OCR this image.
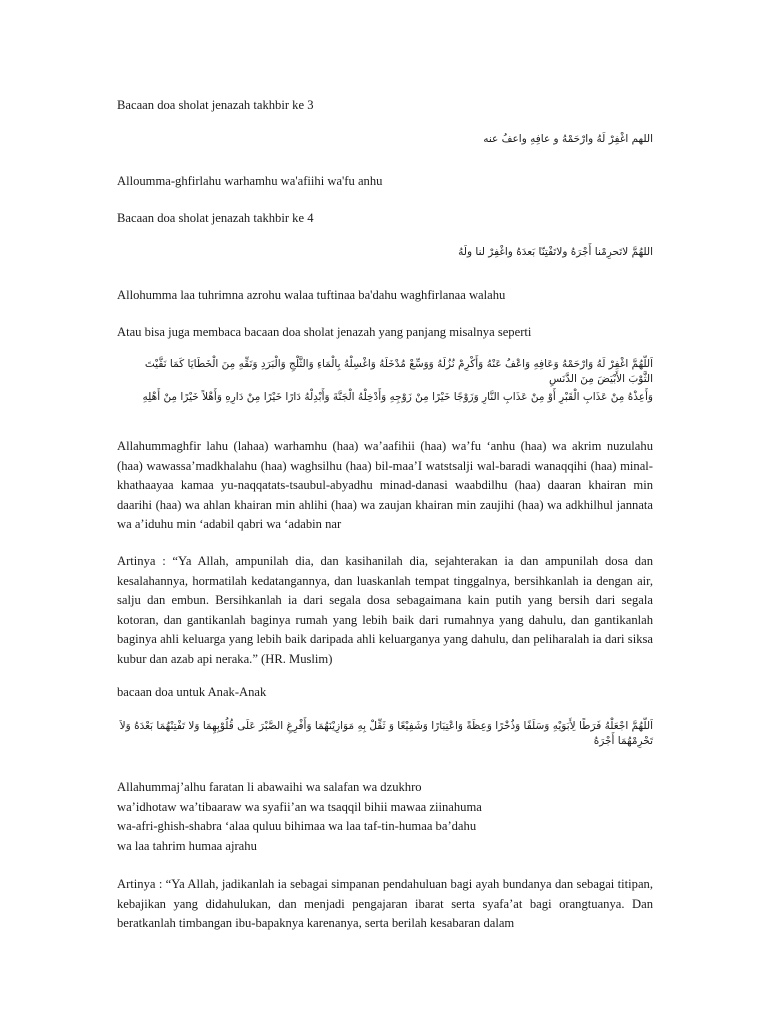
Bacaan doa sholat jenazah takhbir ke 3

اللهم اغْفِرْ لَهُ وارْحَمْهُ و عافِهِ واعفُ عنه

Alloumma-ghfirlahu warhamhu wa'afiihi wa'fu anhu

Bacaan doa sholat jenazah takhbir ke 4

اللهُمَّ لاتَحرِمْنا أَجْرَهُ ولاتَفْتِنّا بَعدَهُ واغْفِرْ لنا ولَهُ

Allohumma laa tuhrimna azrohu walaa tuftinaa ba'dahu waghfirlanaa walahu

Atau bisa juga membaca bacaan doa sholat jenazah yang panjang misalnya seperti

اَللّهُمَّ اغْفِرْ لَهُ وَارْحَمْهُ وَعَافِهِ وَاعْفُ عَنْهُ وَأَكْرِمْ نُزُلَهُ وَوَسِّعْ مُدْخَلَهُ وَاغْسِلْهُ بِالْمَاءِ وَالثَّلْجِ وَالْبَرَدِ وَنَقِّهِ مِنَ الْخَطَايَا كَمَا نَقَّيْتَ الثَّوْبَ الأَبْيَضَ مِنَ الدَّنَسِ
وَأَعِذْهُ مِنْ عَذَابِ الْقَبْرِ أَوْ مِنْ عَذَابِ النَّارِ وَزَوْجًا خَيْرًا مِنْ زَوْجِهِ وَأَدْخِلْهُ الْجَنَّةَ وَأَبْدِلْهُ دَارًا خَيْرًا مِنْ دَارِهِ وَأَهْلاً خَيْرًا مِنْ أَهْلِهِ

Allahummaghfir lahu (lahaa) warhamhu (haa) wa’aafihii (haa) wa’fu ‘anhu (haa) wa akrim nuzulahu (haa) wawassa’madkhalahu (haa) waghsilhu (haa) bil-maa’I watstsalji wal-baradi wanaqqihi (haa) minal-khathaayaa kamaa yu-naqqatats-tsaubul-abyadhu minad-danasi waabdilhu (haa) daaran khairan min daarihi (haa) wa ahlan khairan min ahlihi (haa) wa zaujan khairan min zaujihi (haa) wa adkhilhul jannata wa a’iduhu min ‘adabil qabri wa ‘adabin nar

Artinya : “Ya Allah, ampunilah dia, dan kasihanilah dia, sejahterakan ia dan ampunilah dosa dan kesalahannya, hormatilah kedatangannya, dan luaskanlah tempat tinggalnya, bersihkanlah ia dengan air, salju dan embun. Bersihkanlah ia dari segala dosa sebagaimana kain putih yang bersih dari segala kotoran, dan gantikanlah baginya rumah yang lebih baik dari rumahnya yang dahulu, dan gantikanlah baginya ahli keluarga yang lebih baik daripada ahli keluarganya yang dahulu, dan peliharalah ia dari siksa kubur dan azab api neraka.” (HR. Muslim)

bacaan doa untuk Anak-Anak

اَللّهُمَّ اجْعَلْهُ فَرَطًا لِأَبَوَيْهِ وَسَلَفًا وَذُخْرًا وَعِظَةً وَاعْتِبَارًا وَشَفِيْعًا وَ ثَقِّلْ بِهِ مَوَازِيْنَهُمَا وَأَفْرِغِ الصَّبْرَ عَلَى قُلُوْبِهِمَا وَلا تَفْتِنْهُمَا بَعْدَهُ وَلاَ تَحْرِمْهُمَا أَجْرَهُ

Allahummaj’alhu faratan li abawaihi wa salafan wa dzukhro
wa’idhotaw wa’tibaaraw wa syafii’an wa tsaqqil bihii mawaa ziinahuma
wa-afri-ghish-shabra ‘alaa quluu bihimaa wa laa taf-tin-humaa ba’dahu
wa laa tahrim humaa ajrahu

Artinya : “Ya Allah, jadikanlah ia sebagai simpanan pendahuluan bagi ayah bundanya dan sebagai titipan, kebajikan yang didahulukan, dan menjadi pengajaran ibarat serta syafa’at bagi orangtuanya. Dan beratkanlah timbangan ibu-bapaknya karenanya, serta berilah kesabaran dalam
